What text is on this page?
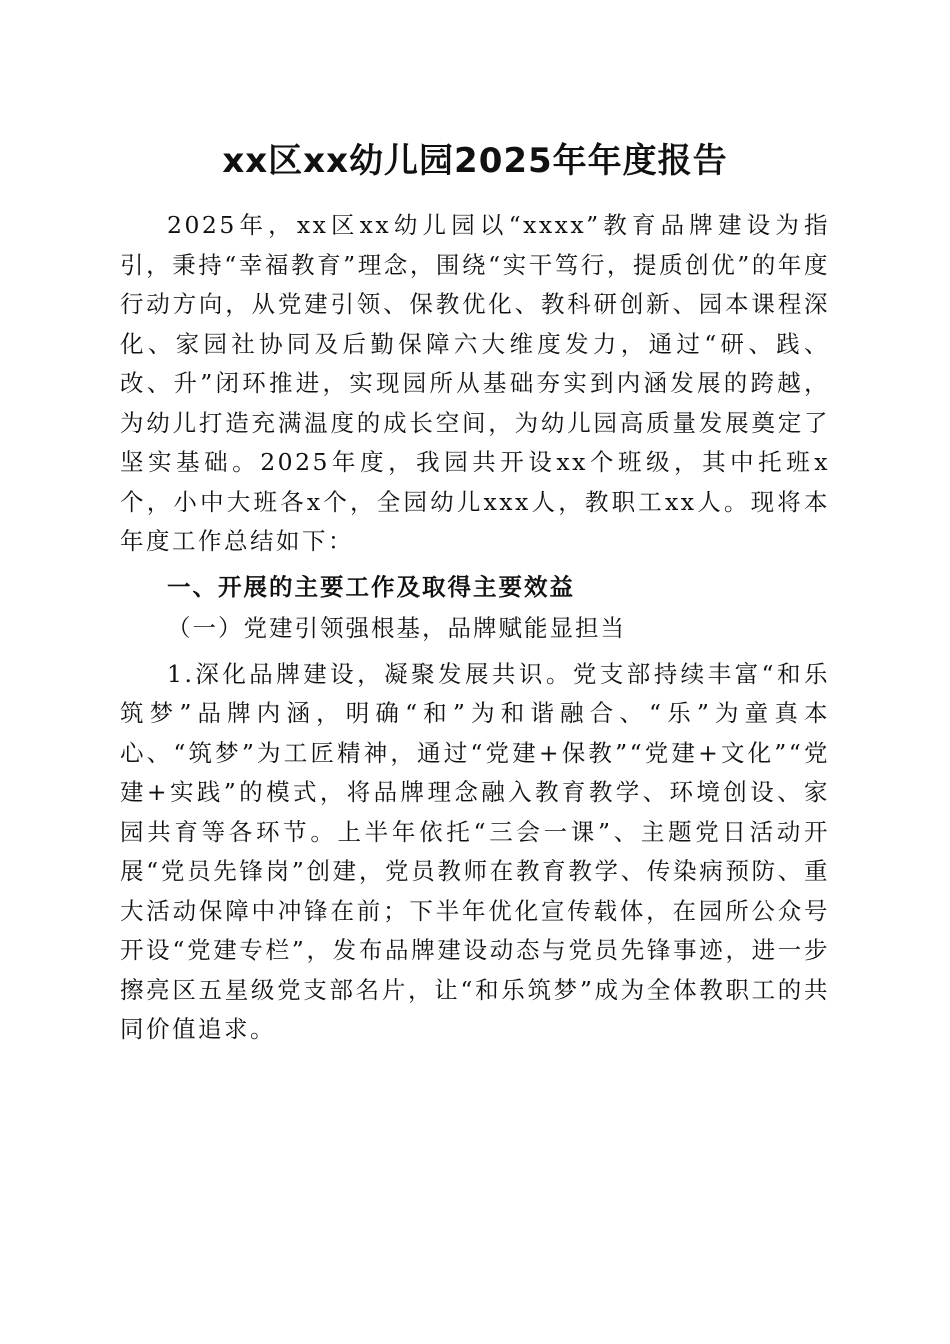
xx区xx幼儿园2025年年度报告

2025年，xx区xx幼儿园以“xxxx”教育品牌建设为指引，秉持“幸福教育”理念，围绕“实干笃行，提质创优”的年度行动方向，从党建引领、保教优化、教科研创新、园本课程深化、家园社协同及后勤保障六大维度发力，通过“研、践、改、升”闭环推进，实现园所从基础夯实到内涵发展的跨越，为幼儿打造充满温度的成长空间，为幼儿园高质量发展奠定了坚实基础。2025年度，我园共开设xx个班级，其中托班x个，小中大班各x个，全园幼儿xxx人，教职工xx人。现将本年度工作总结如下：

一、开展的主要工作及取得主要效益

（一）党建引领强根基，品牌赋能显担当

1.深化品牌建设，凝聚发展共识。党支部持续丰富“和乐筑梦”品牌内涵，明确“和”为和谐融合、“乐”为童真本心、“筑梦”为工匠精神，通过“党建+保教”“党建+文化”“党建+实践”的模式，将品牌理念融入教育教学、环境创设、家园共育等各环节。上半年依托“三会一课”、主题党日活动开展“党员先锋岗”创建，党员教师在教育教学、传染病预防、重大活动保障中冲锋在前；下半年优化宣传载体，在园所公众号开设“党建专栏”，发布品牌建设动态与党员先锋事迹，进一步擦亮区五星级党支部名片，让“和乐筑梦”成为全体教职工的共同价值追求。
